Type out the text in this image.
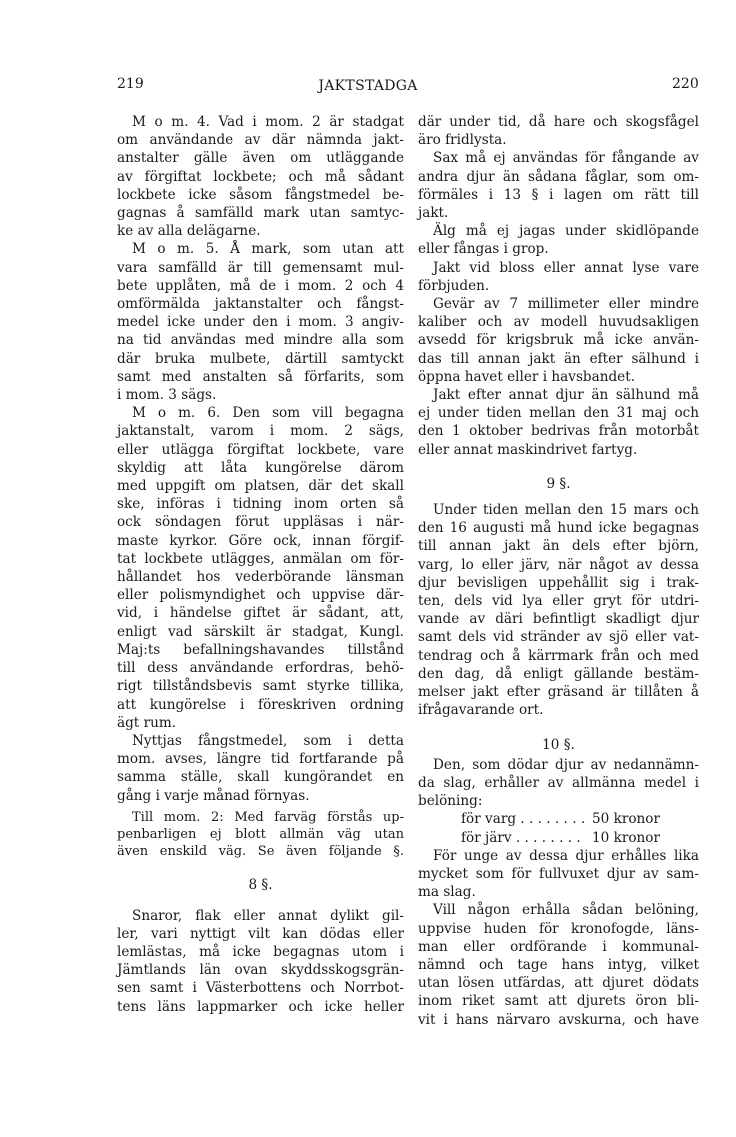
219	JAKTSTADGA	220
M o m. 4. Vad i mom. 2 är stadgat
om användande av där nämnda jakt-
anstalter gälle även om utläggande
av förgiftat lockbete; och må sådant
lockbete icke såsom fångstmedel be-
gagnas å samfälld mark utan samtyc-
ke av alla delägarne.
M o m. 5. Å mark, som utan att
vara samfälld är till gemensamt mul-
bete upplåten, må de i mom. 2 och 4
omförmälda jaktanstalter och fångst-
medel icke under den i mom. 3 angiv-
na tid användas med mindre alla som
där bruka mulbete, därtill samtyckt
samt med anstalten så förfarits, som
i mom. 3 sägs.
M o m. 6. Den som vill begagna
jaktanstalt, varom i mom. 2 sägs,
eller utlägga förgiftat lockbete, vare
skyldig att låta kungörelse därom
med uppgift om platsen, där det skall
ske, införas i tidning inom orten så
ock söndagen förut uppläsas i när-
maste kyrkor. Göre ock, innan förgif-
tat lockbete utlägges, anmälan om för-
hållandet hos vederbörande länsman
eller polismyndighet och uppvise där-
vid, i händelse giftet är sådant, att,
enligt vad särskilt är stadgat, Kungl.
Maj:ts befallningshavandes tillstånd
till dess användande erfordras, behö-
rigt tillståndsbevis samt styrke tillika,
att kungörelse i föreskriven ordning
ägt rum.
Nyttjas fångstmedel, som i detta
mom. avses, längre tid fortfarande på
samma ställe, skall kungörandet en
gång i varje månad förnyas.
Till mom. 2: Med farväg förstås up-
penbarligen ej blott allmän väg utan
även enskild väg. Se även följande §.
8 §.
Snaror, flak eller annat dylikt gil-
ler, vari nyttigt vilt kan dödas eller
lemlästas, må icke begagnas utom i
Jämtlands län ovan skyddsskogsgrän-
sen samt i Västerbottens och Norrbot-
tens läns lappmarker och icke heller
där under tid, då hare och skogsfågel
äro fridlysta.
Sax må ej användas för fångande av
andra djur än sådana fåglar, som om-
förmäles i 13 § i lagen om rätt till
jakt.
Älg må ej jagas under skidlöpande
eller fångas i grop.
Jakt vid bloss eller annat lyse vare
förbjuden.
Gevär av 7 millimeter eller mindre
kaliber och av modell huvudsakligen
avsedd för krigsbruk må icke använ-
das till annan jakt än efter sälhund i
öppna havet eller i havsbandet.
Jakt efter annat djur än sälhund må
ej under tiden mellan den 31 maj och
den 1 oktober bedrivas från motorbåt
eller annat maskindrivet fartyg.
9 §.
Under tiden mellan den 15 mars och
den 16 augusti må hund icke begagnas
till annan jakt än dels efter björn,
varg, lo eller järv, när något av dessa
djur bevisligen uppehållit sig i trak-
ten, dels vid lya eller gryt för utdri-
vande av däri befintligt skadligt djur
samt dels vid stränder av sjö eller vat-
tendrag och å kärrmark från och med
den dag, då enligt gällande bestäm-
melser jakt efter gräsand är tillåten å
ifrågavarande ort.
10 §.
Den, som dödar djur av nedannämn-
da slag, erhåller av allmänna medel i
belöning:
för varg . . . . . . . . 50 kronor
för järv . . . . . . . . 10 kronor
För unge av dessa djur erhålles lika
mycket som för fullvuxet djur av sam-
ma slag.
Vill någon erhålla sådan belöning,
uppvise huden för kronofogde, läns-
man eller ordförande i kommunal-
nämnd och tage hans intyg, vilket
utan lösen utfärdas, att djuret dödats
inom riket samt att djurets öron bli-
vit i hans närvaro avskurna, och have
